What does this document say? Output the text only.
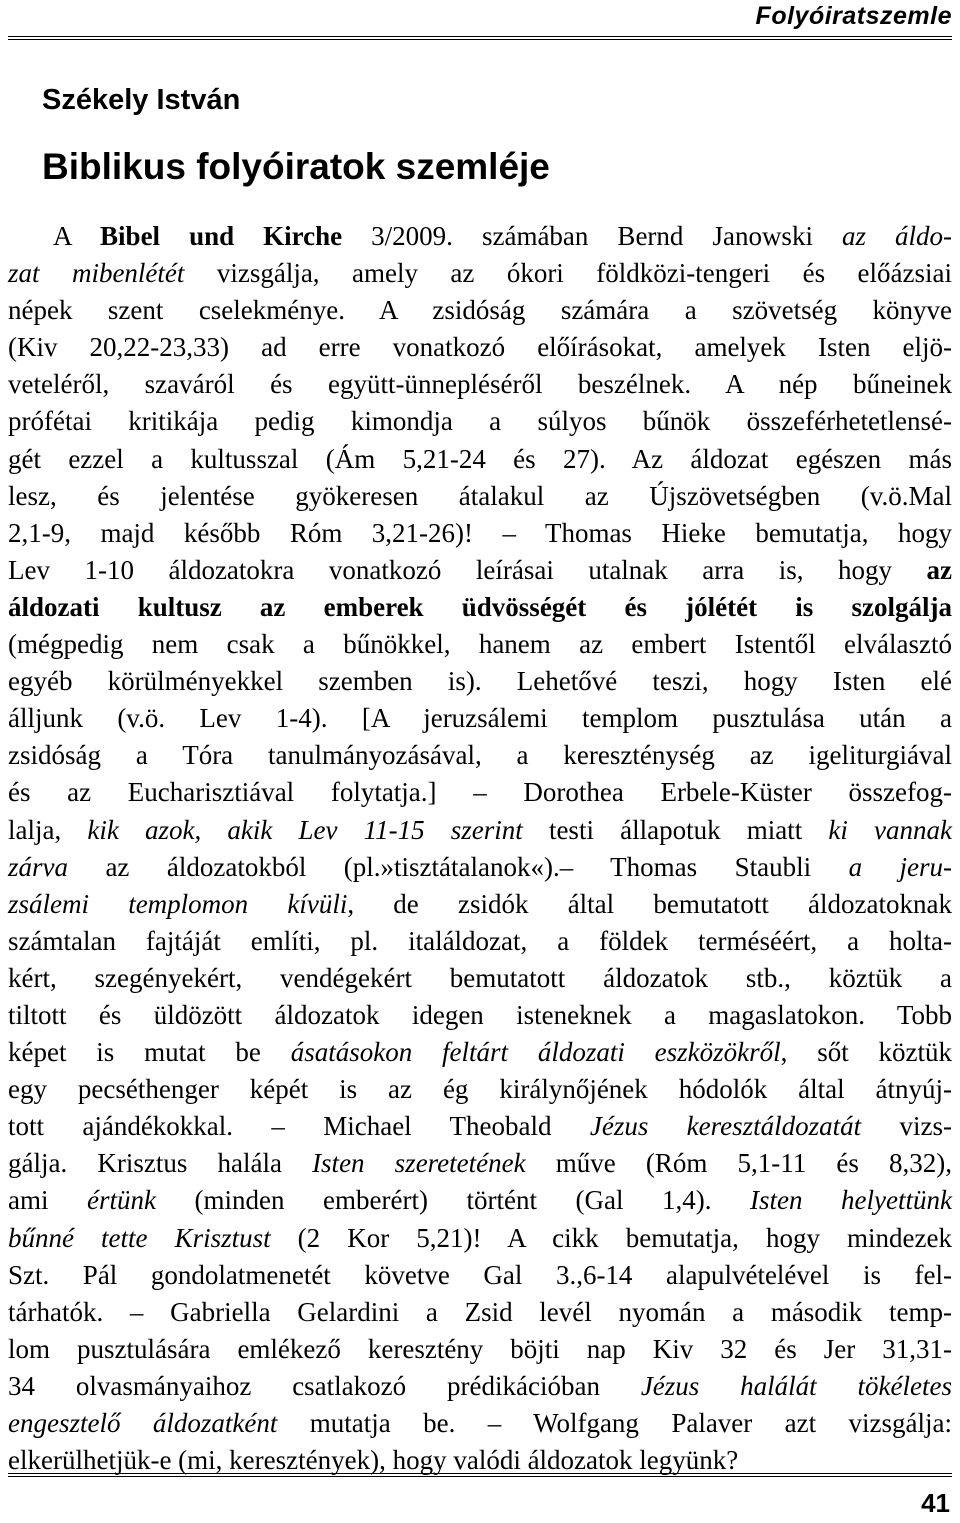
Folyóiratszemle
Székely István
Biblikus folyóiratok szemléje
A Bibel und Kirche 3/2009. számában Bernd Janowski az áldo-
zat mibenlétét vizsgálja, amely az ókori földközi-tengeri és előázsiai
népek szent cselekménye. A zsidóság számára a szövetség könyve
(Kiv 20,22-23,33) ad erre vonatkozó előírásokat, amelyek Isten eljö-
veteléről, szaváról és együtt-ünnepléséről beszélnek. A nép bűneinek
prófétai kritikája pedig kimondja a súlyos bűnök összeférhetetlensé-
gét ezzel a kultusszal (Ám 5,21-24 és 27). Az áldozat egészen más
lesz, és jelentése gyökeresen átalakul az Újszövetségben (v.ö.Mal
2,1-9, majd később Róm 3,21-26)! – Thomas Hieke bemutatja, hogy
Lev 1-10 áldozatokra vonatkozó leírásai utalnak arra is, hogy az
áldozati kultusz az emberek üdvösségét és jólétét is szolgálja
(mégpedig nem csak a bűnökkel, hanem az embert Istentől elválasztó
egyéb körülményekkel szemben is). Lehetővé teszi, hogy Isten elé
álljunk (v.ö. Lev 1-4). [A jeruzsálemi templom pusztulása után a
zsidóság a Tóra tanulmányozásával, a kereszténység az igeliturgiával
és az Eucharisztiával folytatja.] – Dorothea Erbele-Küster összefog-
lalja, kik azok, akik Lev 11-15 szerint testi állapotuk miatt ki vannak
zárva az áldozatokból (pl.»tisztátalanok«).– Thomas Staubli a jeru-
zsálemi templomon kívüli, de zsidók által bemutatott áldozatoknak
számtalan fajtáját említi, pl. italáldozat, a földek terméséért, a holta-
kért, szegényekért, vendégekért bemutatott áldozatok stb., köztük a
tiltott és üldözött áldozatok idegen isteneknek a magaslatokon. Tobb
képet is mutat be ásatásokon feltárt áldozati eszközökről, sőt köztük
egy pecséthenger képét is az ég királynőjének hódolók által átnyúj-
tott ajándékokkal. – Michael Theobald Jézus keresztáldozatát vizs-
gálja. Krisztus halála Isten szeretetének műve (Róm 5,1-11 és 8,32),
ami értünk (minden emberért) történt (Gal 1,4). Isten helyettünk
bűnné tette Krisztust (2 Kor 5,21)! A cikk bemutatja, hogy mindezek
Szt. Pál gondolatmenetét követve Gal 3.,6-14 alapulvételével is fel-
tárhatók. – Gabriella Gelardini a Zsid levél nyomán a második temp-
lom pusztulására emlékező keresztény böjti nap Kiv 32 és Jer 31,31-
34 olvasmányaihoz csatlakozó prédikációban Jézus halálát tökéletes
engesztelő áldozatként mutatja be. – Wolfgang Palaver azt vizsgálja:
elkerülhetjük-e (mi, keresztények), hogy valódi áldozatok legyünk?
41
